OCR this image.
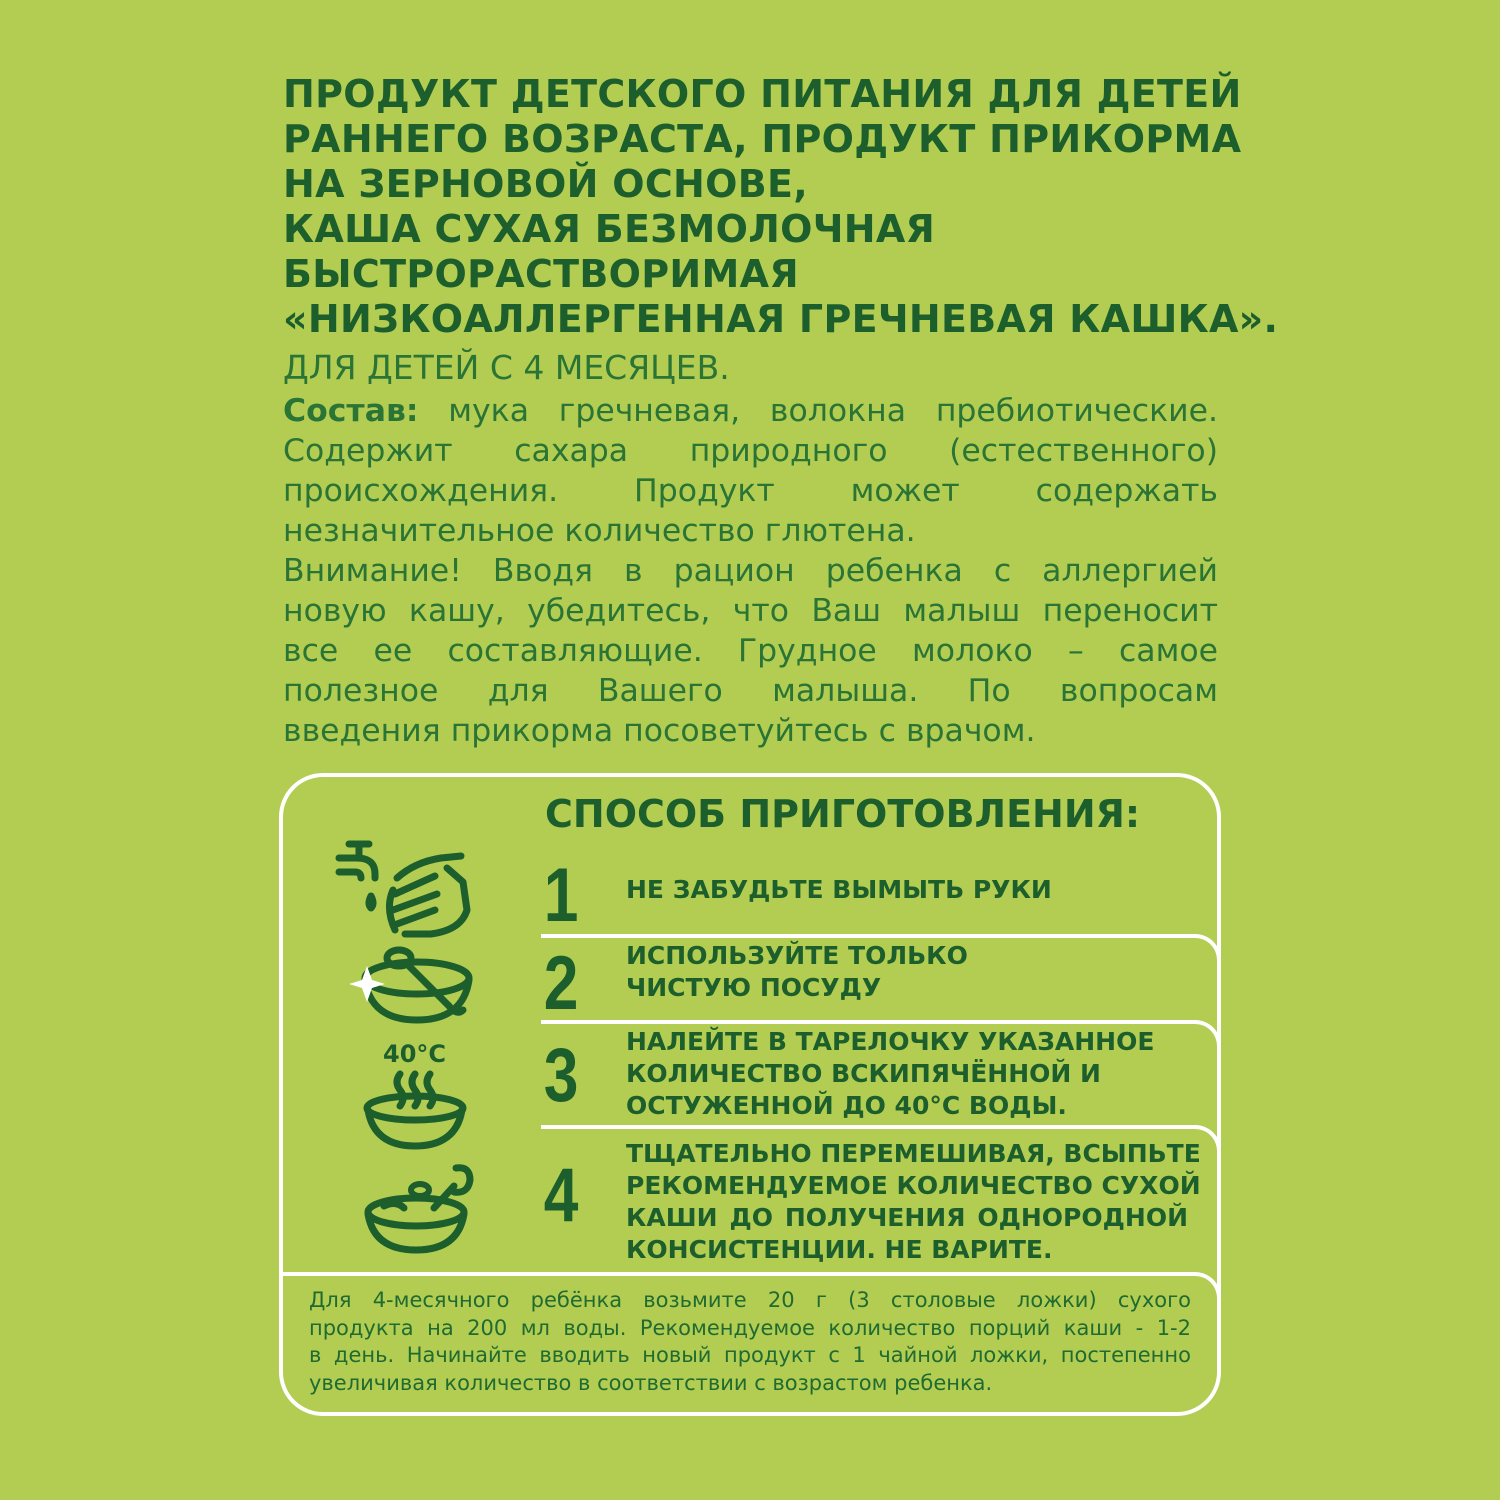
ПРОДУКТ ДЕТСКОГО ПИТАНИЯ ДЛЯ ДЕТЕЙ
РАННЕГО ВОЗРАСТА, ПРОДУКТ ПРИКОРМА
НА ЗЕРНОВОЙ ОСНОВЕ,
КАША СУХАЯ БЕЗМОЛОЧНАЯ
БЫСТРОРАСТВОРИМАЯ
«НИЗКОАЛЛЕРГЕННАЯ ГРЕЧНЕВАЯ КАШКА».
ДЛЯ ДЕТЕЙ С 4 МЕСЯЦЕВ.
Состав: мука гречневая, волокна пребиотические.
Содержит сахара природного (естественного)
происхождения. Продукт может содержать
незначительное количество глютена.
Внимание! Вводя в рацион ребенка с аллергией
новую кашу, убедитесь, что Ваш малыш переносит
все ее составляющие. Грудное молоко – самое
полезное для Вашего малыша. По вопросам
введения прикорма посоветуйтесь с врачом.
СПОСОБ ПРИГОТОВЛЕНИЯ:
1
2
3
4
НЕ ЗАБУДЬТЕ ВЫМЫТЬ РУКИ
ИСПОЛЬЗУЙТЕ ТОЛЬКО
ЧИСТУЮ ПОСУДУ
НАЛЕЙТЕ В ТАРЕЛОЧКУ УКАЗАННОЕ
КОЛИЧЕСТВО ВСКИПЯЧЁННОЙ И
ОСТУЖЕННОЙ ДО 40°С ВОДЫ.
ТЩАТЕЛЬНО ПЕРЕМЕШИВАЯ, ВСЫПЬТЕ
РЕКОМЕНДУЕМОЕ КОЛИЧЕСТВО СУХОЙ
КАШИ ДО ПОЛУЧЕНИЯ ОДНОРОДНОЙ
КОНСИСТЕНЦИИ. НЕ ВАРИТЕ.
Для 4-месячного ребёнка возьмите 20 г (3 столовые ложки) сухого
продукта на 200 мл воды. Рекомендуемое количество порций каши - 1-2
в день. Начинайте вводить новый продукт с 1 чайной ложки, постепенно
увеличивая количество в соответствии с возрастом ребенка.
40°C
